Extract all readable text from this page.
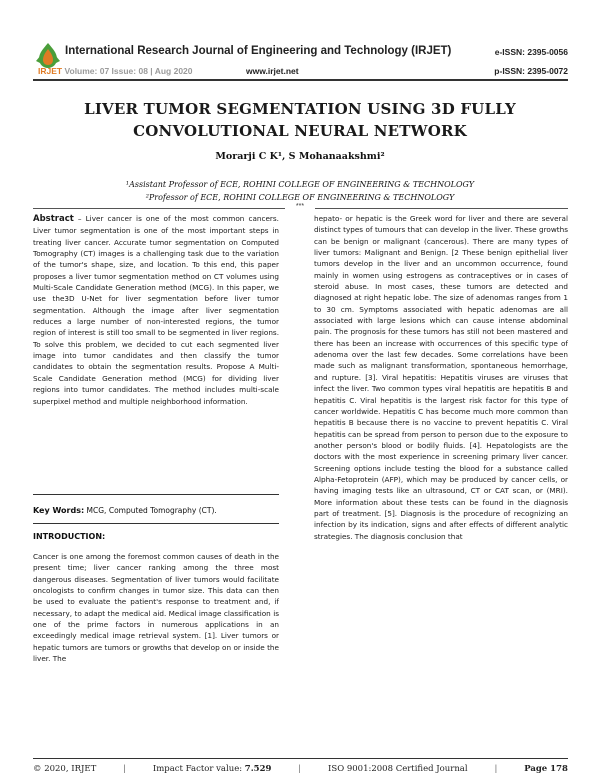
International Research Journal of Engineering and Technology (IRJET)
IRJET Volume: 07 Issue: 08 | Aug 2020	www.irjet.net
e-ISSN: 2395-0056
p-ISSN: 2395-0072
LIVER TUMOR SEGMENTATION USING 3D FULLY CONVOLUTIONAL NEURAL NETWORK
Morarji C K¹, S Mohanaakshmi²
¹Assistant Professor of ECE, ROHINI COLLEGE OF ENGINEERING & TECHNOLOGY
²Professor of ECE, ROHINI COLLEGE OF ENGINEERING & TECHNOLOGY
***

Abstract – Liver cancer is one of the most common cancers. Liver tumor segmentation is one of the most important steps in treating liver cancer. Accurate tumor segmentation on Computed Tomography (CT) images is a challenging task due to the variation of the tumor's shape, size, and location. To this end, this paper proposes a liver tumor segmentation method on CT volumes using Multi-Scale Candidate Generation method (MCG). In this paper, we use the3D U-Net for liver segmentation before liver tumor segmentation. Although the image after liver segmentation reduces a large number of non-interested regions, the tumor region of interest is still too small to be segmented in liver regions. To solve this problem, we decided to cut each segmented liver image into tumor candidates and then classify the tumor candidates to obtain the segmentation results. Propose A Multi-Scale Candidate Generation method (MCG) for dividing liver regions into tumor candidates. The method includes multi-scale superpixel method and multiple neighborhood information.

Key Words: MCG, Computed Tomography (CT).
INTRODUCTION:

Cancer is one among the foremost common causes of death in the present time; liver cancer ranking among the three most dangerous diseases. Segmentation of liver tumors would facilitate oncologists to confirm changes in tumor size. This data can then be used to evaluate the patient's response to treatment and, if necessary, to adapt the medical aid. Medical image classification is one of the prime factors in numerous applications in an exceedingly medical image retrieval system. [1]. Liver tumors or hepatic tumors are tumors or growths that develop on or inside the liver. The

hepato- or hepatic is the Greek word for liver and there are several distinct types of tumours that can develop in the liver. These growths can be benign or malignant (cancerous). There are many types of liver tumors: Malignant and Benign. [2 These benign epithelial liver tumors develop in the liver and an uncommon occurrence, found mainly in women using estrogens as contraceptives or in cases of steroid abuse. In most cases, these tumors are detected and diagnosed at right hepatic lobe. The size of adenomas ranges from 1 to 30 cm. Symptoms associated with hepatic adenomas are all associated with large lesions which can cause intense abdominal pain. The prognosis for these tumors has still not been mastered and there has been an increase with occurrences of this specific type of adenoma over the last few decades. Some correlations have been made such as malignant transformation, spontaneous hemorrhage, and rupture. [3]. Viral hepatitis: Hepatitis viruses are viruses that infect the liver. Two common types viral hepatitis are hepatitis B and hepatitis C. Viral hepatitis is the largest risk factor for this type of cancer worldwide. Hepatitis C has become much more common than hepatitis B because there is no vaccine to prevent hepatitis C. Viral hepatitis can be spread from person to person due to the exposure to another person's blood or bodily fluids. [4]. Hepatologists are the doctors with the most experience in screening primary liver cancer. Screening options include testing the blood for a substance called Alpha-Fetoprotein (AFP), which may be produced by cancer cells, or having imaging tests like an ultrasound, CT or CAT scan, or (MRI). More information about these tests can be found in the diagnosis part of treatment. [5]. Diagnosis is the procedure of recognizing an infection by its indication, signs and after effects of different analytic strategies. The diagnosis conclusion that

© 2020, IRJET	|	Impact Factor value: 7.529	|	ISO 9001:2008 Certified Journal	|	Page 178
